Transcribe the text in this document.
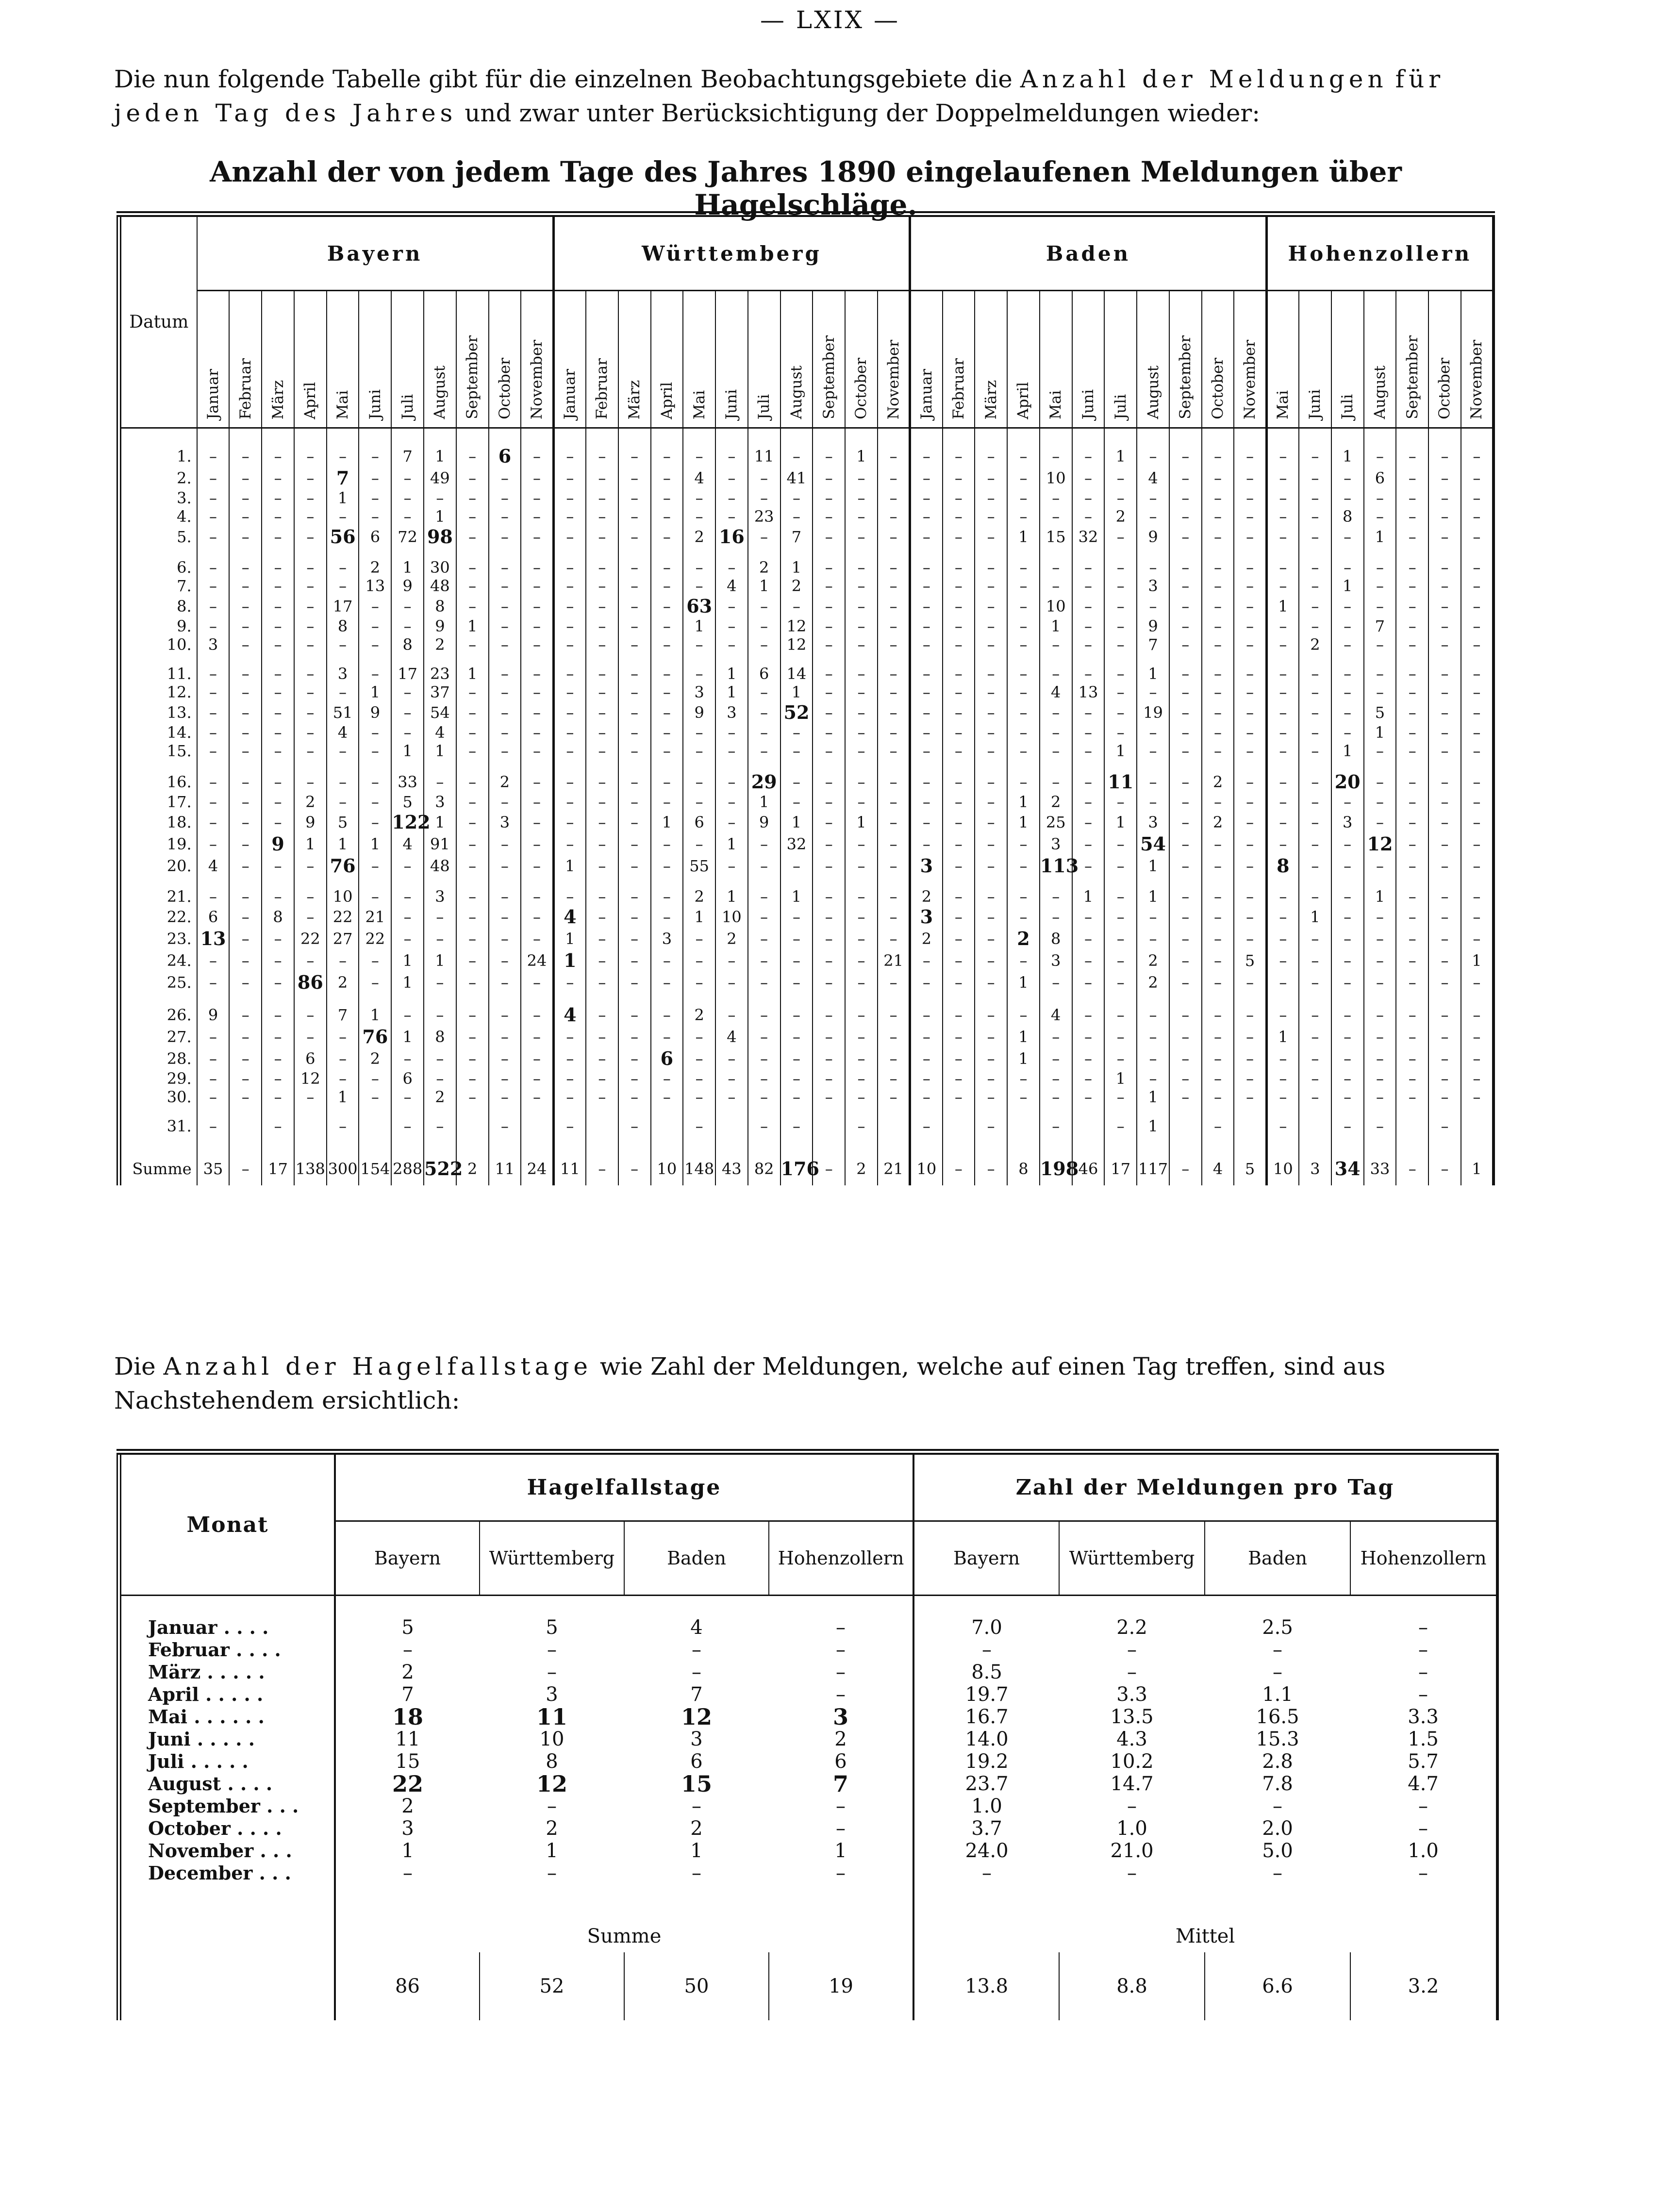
— LXIX —

Die nun folgende Tabelle gibt für die einzelnen Beobachtungsgebiete die Anzahl der Meldungen für jeden Tag des Jahres und zwar unter Berücksichtigung der Doppelmeldungen wieder:

Anzahl der von jedem Tage des Jahres 1890 eingelaufenen Meldungen über Hagelschläge.
Datum	Bayern											Württemberg											Baden											Hohenzollern						
	Januar	Februar	März	April	Mai	Juni	Juli	August	September	October	November	Januar	Februar	März	April	Mai	Juni	Juli	August	September	October	November	Januar	Februar	März	April	Mai	Juni	Juli	August	September	October	November	Mai	Juni	Juli	August	September	October	November
1.	–	–	–	–	–	–	7	1	–	6	–	–	–	–	–	–	–	11	–	–	1	–	–	–	–	–	–	–	1	–	–	–	–	–	–	1	–	–	–	–
2.	–	–	–	–	7	–	–	49	–	–	–	–	–	–	–	4	–	–	41	–	–	–	–	–	–	–	10	–	–	4	–	–	–	–	–	–	6	–	–	–
3.	–	–	–	–	1	–	–	–	–	–	–	–	–	–	–	–	–	–	–	–	–	–	–	–	–	–	–	–	–	–	–	–	–	–	–	–	–	–	–	–
4.	–	–	–	–	–	–	–	1	–	–	–	–	–	–	–	–	–	23	–	–	–	–	–	–	–	–	–	–	2	–	–	–	–	–	–	8	–	–	–	–
5.	–	–	–	–	56	6	72	98	–	–	–	–	–	–	–	2	16	–	7	–	–	–	–	–	–	1	15	32	–	9	–	–	–	–	–	–	1	–	–	–
6.	–	–	–	–	–	2	1	30	–	–	–	–	–	–	–	–	–	2	1	–	–	–	–	–	–	–	–	–	–	–	–	–	–	–	–	–	–	–	–	–
7.	–	–	–	–	–	13	9	48	–	–	–	–	–	–	–	–	4	1	2	–	–	–	–	–	–	–	–	–	–	3	–	–	–	–	–	1	–	–	–	–
8.	–	–	–	–	17	–	–	8	–	–	–	–	–	–	–	63	–	–	–	–	–	–	–	–	–	–	10	–	–	–	–	–	–	1	–	–	–	–	–	–
9.	–	–	–	–	8	–	–	9	1	–	–	–	–	–	–	1	–	–	12	–	–	–	–	–	–	–	1	–	–	9	–	–	–	–	–	–	7	–	–	–
10.	3	–	–	–	–	–	8	2	–	–	–	–	–	–	–	–	–	–	12	–	–	–	–	–	–	–	–	–	–	7	–	–	–	–	2	–	–	–	–	–
11.	–	–	–	–	3	–	17	23	1	–	–	–	–	–	–	–	1	6	14	–	–	–	–	–	–	–	–	–	–	1	–	–	–	–	–	–	–	–	–	–
12.	–	–	–	–	–	1	–	37	–	–	–	–	–	–	–	3	1	–	1	–	–	–	–	–	–	–	4	13	–	–	–	–	–	–	–	–	–	–	–	–
13.	–	–	–	–	51	9	–	54	–	–	–	–	–	–	–	9	3	–	52	–	–	–	–	–	–	–	–	–	–	19	–	–	–	–	–	–	5	–	–	–
14.	–	–	–	–	4	–	–	4	–	–	–	–	–	–	–	–	–	–	–	–	–	–	–	–	–	–	–	–	–	–	–	–	–	–	–	–	1	–	–	–
15.	–	–	–	–	–	–	1	1	–	–	–	–	–	–	–	–	–	–	–	–	–	–	–	–	–	–	–	–	1	–	–	–	–	–	–	1	–	–	–	–
16.	–	–	–	–	–	–	33	–	–	2	–	–	–	–	–	–	–	29	–	–	–	–	–	–	–	–	–	–	11	–	–	2	–	–	–	20	–	–	–	–
17.	–	–	–	2	–	–	5	3	–	–	–	–	–	–	–	–	–	1	–	–	–	–	–	–	–	1	2	–	–	–	–	–	–	–	–	–	–	–	–	–
18.	–	–	–	9	5	–	122	1	–	3	–	–	–	–	1	6	–	9	1	–	1	–	–	–	–	1	25	–	1	3	–	2	–	–	–	3	–	–	–	–
19.	–	–	9	1	1	1	4	91	–	–	–	–	–	–	–	–	1	–	32	–	–	–	–	–	–	–	3	–	–	54	–	–	–	–	–	–	12	–	–	–
20.	4	–	–	–	76	–	–	48	–	–	–	1	–	–	–	55	–	–	–	–	–	–	3	–	–	–	113	–	–	1	–	–	–	8	–	–	–	–	–	–
21.	–	–	–	–	10	–	–	3	–	–	–	–	–	–	–	2	1	–	1	–	–	–	2	–	–	–	–	1	–	1	–	–	–	–	–	–	1	–	–	–
22.	6	–	8	–	22	21	–	–	–	–	–	4	–	–	–	1	10	–	–	–	–	–	3	–	–	–	–	–	–	–	–	–	–	–	1	–	–	–	–	–
23.	13	–	–	22	27	22	–	–	–	–	–	1	–	–	3	–	2	–	–	–	–	–	2	–	–	2	8	–	–	–	–	–	–	–	–	–	–	–	–	–
24.	–	–	–	–	–	–	1	1	–	–	24	1	–	–	–	–	–	–	–	–	–	21	–	–	–	–	3	–	–	2	–	–	5	–	–	–	–	–	–	1
25.	–	–	–	86	2	–	1	–	–	–	–	–	–	–	–	–	–	–	–	–	–	–	–	–	–	1	–	–	–	2	–	–	–	–	–	–	–	–	–	–
26.	9	–	–	–	7	1	–	–	–	–	–	4	–	–	–	2	–	–	–	–	–	–	–	–	–	–	4	–	–	–	–	–	–	–	–	–	–	–	–	–
27.	–	–	–	–	–	76	1	8	–	–	–	–	–	–	–	–	4	–	–	–	–	–	–	–	–	1	–	–	–	–	–	–	–	1	–	–	–	–	–	–
28.	–	–	–	6	–	2	–	–	–	–	–	–	–	–	6	–	–	–	–	–	–	–	–	–	–	1	–	–	–	–	–	–	–	–	–	–	–	–	–	–
29.	–	–	–	12	–	–	6	–	–	–	–	–	–	–	–	–	–	–	–	–	–	–	–	–	–	–	–	–	1	–	–	–	–	–	–	–	–	–	–	–
30.	–	–	–	–	1	–	–	2	–	–	–	–	–	–	–	–	–	–	–	–	–	–	–	–	–	–	–	–	–	1	–	–	–	–	–	–	–	–	–	–
31.	–		–		–		–	–		–		–		–		–		–	–		–		–		–		–		–	1		–		–		–	–		–	
Summe	35	–	17	138	300	154	288	522	2	11	24	11	–	–	10	148	43	82	176	–	2	21	10	–	–	8	198	46	17	117	–	4	5	10	3	34	33	–	–	1

Die Anzahl der Hagelfallstage wie Zahl der Meldungen, welche auf einen Tag treffen, sind aus Nachstehendem ersichtlich:

Monat	Hagelfallstage				Zahl der Meldungen pro Tag			
	Bayern	Württemberg	Baden	Hohenzollern	Bayern	Württemberg	Baden	Hohenzollern
Januar . . . .	5	5	4	–	7.0	2.2	2.5	–
Februar . . . .	–	–	–	–	–	–	–	–
März . . . . .	2	–	–	–	8.5	–	–	–
April . . . . .	7	3	7	–	19.7	3.3	1.1	–
Mai . . . . . .	18	11	12	3	16.7	13.5	16.5	3.3
Juni . . . . .	11	10	3	2	14.0	4.3	15.3	1.5
Juli . . . . .	15	8	6	6	19.2	10.2	2.8	5.7
August . . . .	22	12	15	7	23.7	14.7	7.8	4.7
September . . .	2	–	–	–	1.0	–	–	–
October . . . .	3	2	2	–	3.7	1.0	2.0	–
November . . .	1	1	1	1	24.0	21.0	5.0	1.0
December . . .	–	–	–	–	–	–	–	–
	Summe				Mittel			
	86	52	50	19	13.8	8.8	6.6	3.2
